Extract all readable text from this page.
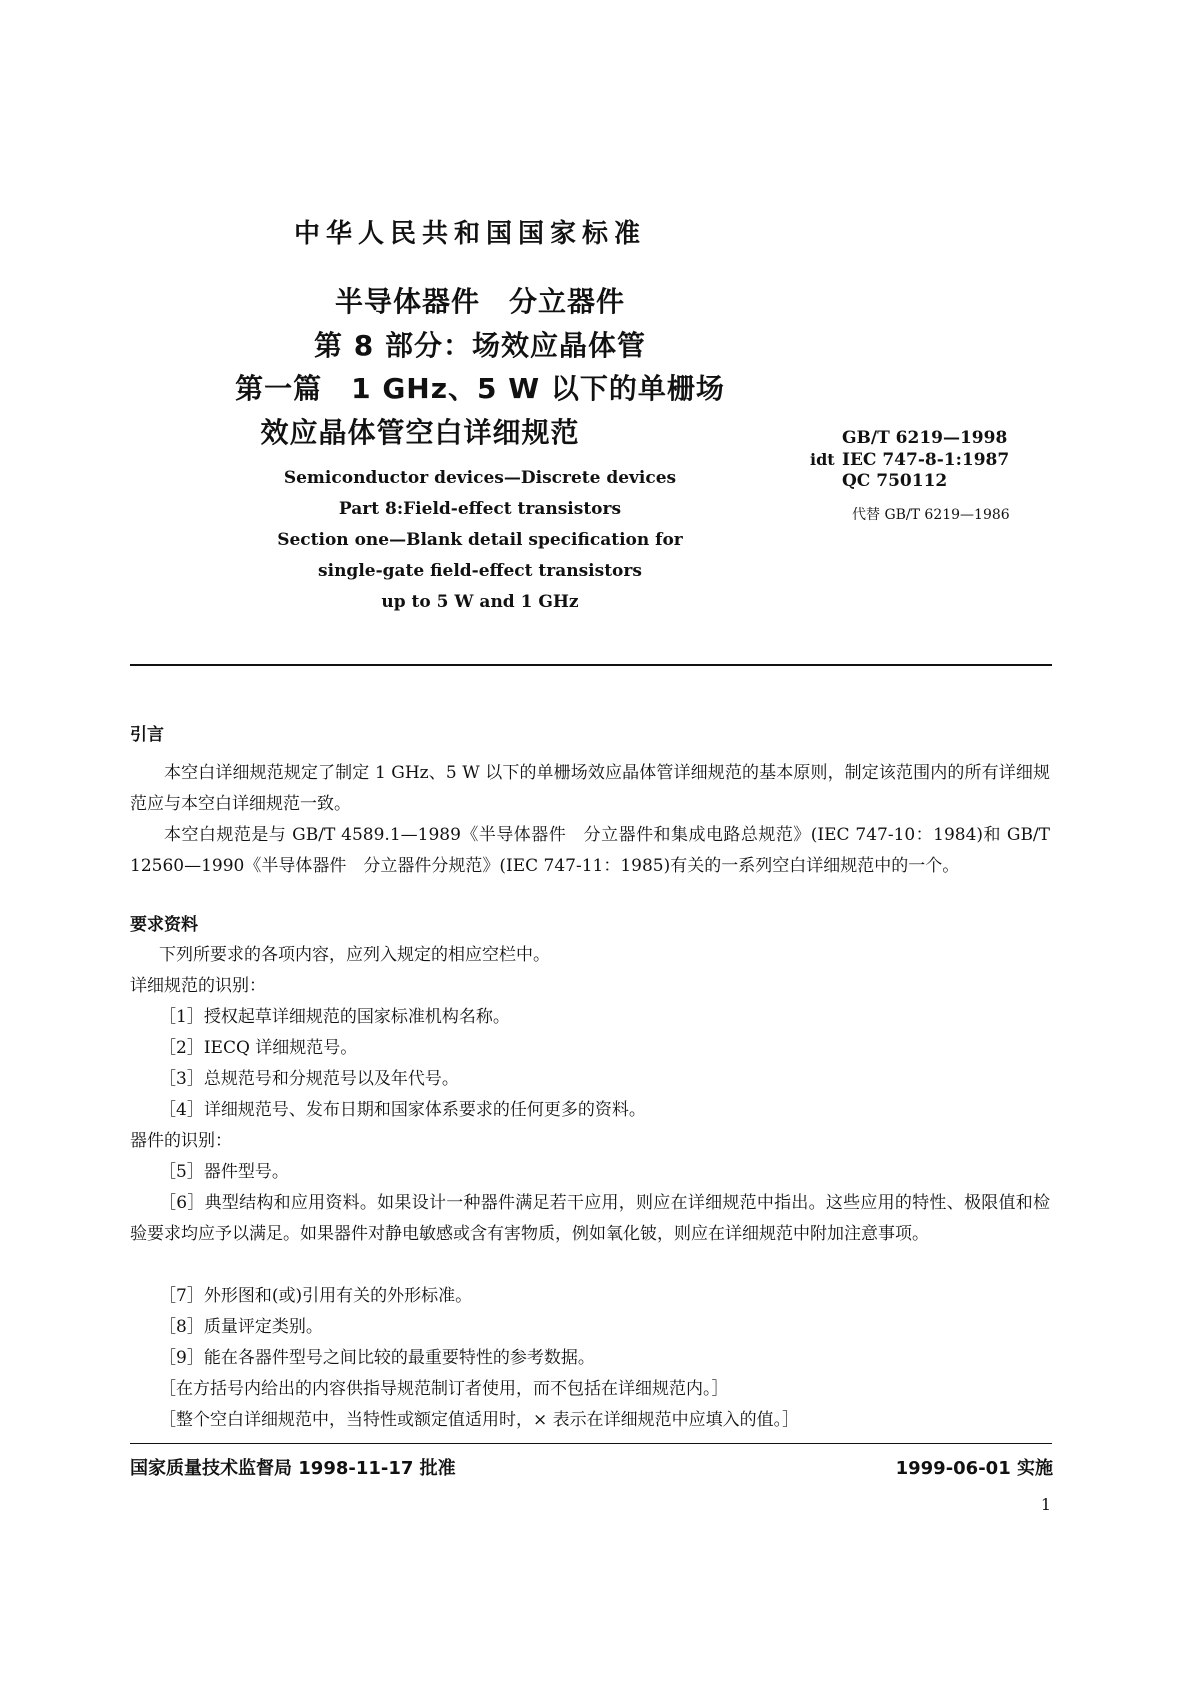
中华人民共和国国家标准
半导体器件　分立器件
第 8 部分：场效应晶体管
第一篇　1 GHz、5 W 以下的单栅场
效应晶体管空白详细规范	GB/T 6219—1998
idt IEC 747-8-1:1987
QC 750112
代替 GB/T 6219—1986
Semiconductor devices—Discrete devices
Part 8:Field-effect transistors
Section one—Blank detail specification for
single-gate field-effect transistors
up to 5 W and 1 GHz
引言
本空白详细规范规定了制定 1 GHz、5 W 以下的单栅场效应晶体管详细规范的基本原则，制定该范围内的所有详细规范应与本空白详细规范一致。
本空白规范是与 GB/T 4589.1—1989《半导体器件　分立器件和集成电路总规范》(IEC 747-10：1984)和 GB/T 12560—1990《半导体器件　分立器件分规范》(IEC 747-11：1985)有关的一系列空白详细规范中的一个。
要求资料
下列所要求的各项内容，应列入规定的相应空栏中。
详细规范的识别：
［1］授权起草详细规范的国家标准机构名称。
［2］IECQ 详细规范号。
［3］总规范号和分规范号以及年代号。
［4］详细规范号、发布日期和国家体系要求的任何更多的资料。
器件的识别：
［5］器件型号。
［6］典型结构和应用资料。如果设计一种器件满足若干应用，则应在详细规范中指出。这些应用的特性、极限值和检验要求均应予以满足。如果器件对静电敏感或含有害物质，例如氧化铍，则应在详细规范中附加注意事项。
［7］外形图和(或)引用有关的外形标准。
［8］质量评定类别。
［9］能在各器件型号之间比较的最重要特性的参考数据。
［在方括号内给出的内容供指导规范制订者使用，而不包括在详细规范内。］
［整个空白详细规范中，当特性或额定值适用时，× 表示在详细规范中应填入的值。］
国家质量技术监督局 1998-11-17 批准	1999-06-01 实施
1
